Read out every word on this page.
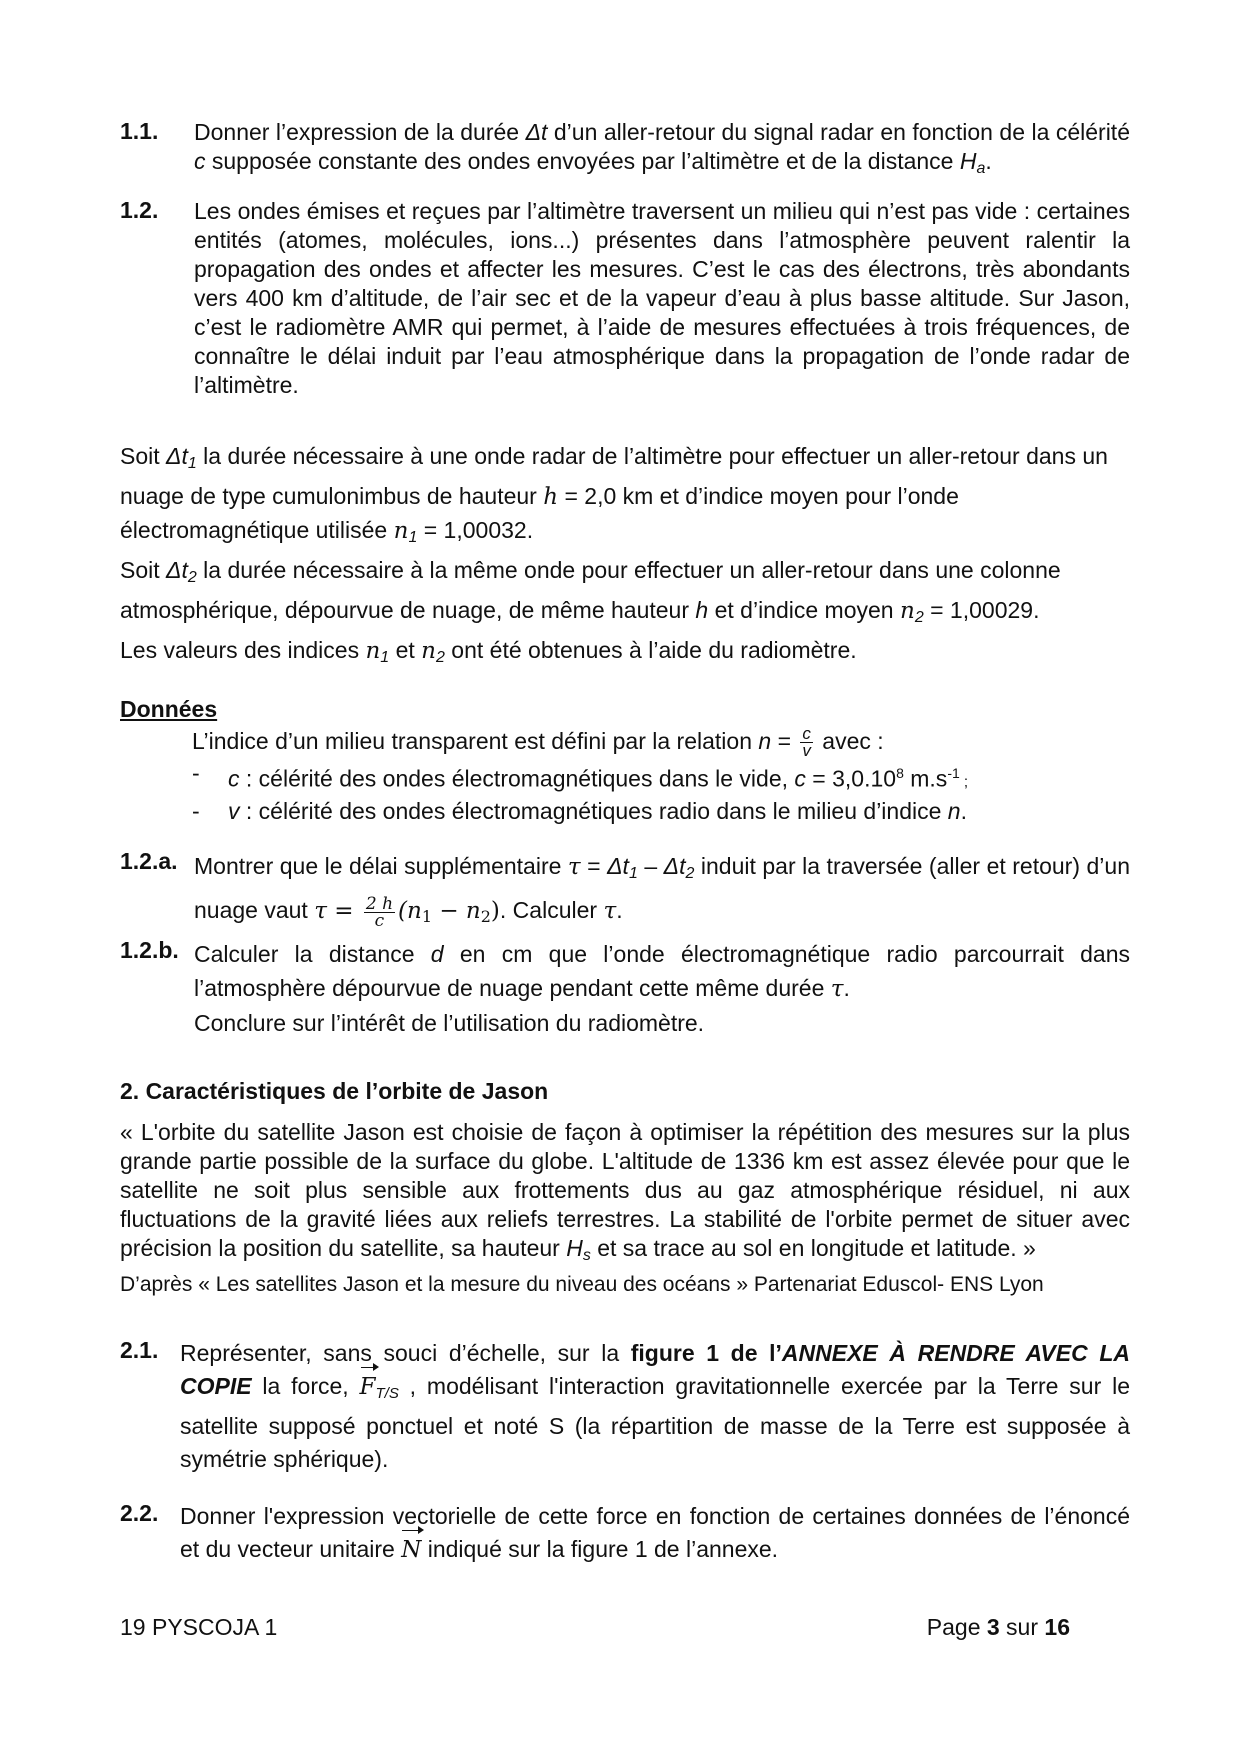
1.1.	Donner l’expression de la durée Δt d’un aller-retour du signal radar en fonction de la célérité c supposée constante des ondes envoyées par l’altimètre et de la distance $H_a$.
1.2.	Les ondes émises et reçues par l’altimètre traversent un milieu qui n’est pas vide : certaines entités (atomes, molécules, ions...) présentes dans l’atmosphère peuvent ralentir la propagation des ondes et affecter les mesures. C’est le cas des électrons, très abondants vers 400 km d’altitude, de l’air sec et de la vapeur d’eau à plus basse altitude. Sur Jason, c’est le radiomètre AMR qui permet, à l’aide de mesures effectuées à trois fréquences, de connaître le délai induit par l’eau atmosphérique dans la propagation de l’onde radar de l’altimètre.

Soit $\Delta t_1$ la durée nécessaire à une onde radar de l’altimètre pour effectuer un aller-retour dans un nuage de type cumulonimbus de hauteur h = 2,0 km et d’indice moyen pour l’onde électromagnétique utilisée $n_1 = 1,00032$.

Soit $\Delta t_2$ la durée nécessaire à la même onde pour effectuer un aller-retour dans une colonne atmosphérique, dépourvue de nuage, de même hauteur h et d’indice moyen $n_2 = 1,00029$.

Les valeurs des indices $n_1$ et $n_2$ ont été obtenues à l’aide du radiomètre.

Données

L’indice d’un milieu transparent est défini par la relation $n = \frac{c}{v}$ avec :

-	c : célérité des ondes électromagnétiques dans le vide, $c = 3,0.10^8$ $m.s^{-1}$ ;
-	v : célérité des ondes électromagnétiques radio dans le milieu d’indice n.
1.2.a. Montrer que le délai supplémentaire $\tau = \Delta t_1 - \Delta t_2$ induit par la traversée (aller et retour) d’un nuage vaut $\tau = \frac{2 h}{c} (n_1 - n_2)$. Calculer τ.
1.2.b. Calculer la distance d en cm que l’onde électromagnétique radio parcourrait dans l’atmosphère dépourvue de nuage pendant cette même durée τ.
Conclure sur l’intérêt de l’utilisation du radiomètre.
2. Caractéristiques de l’orbite de Jason

« L'orbite du satellite Jason est choisie de façon à optimiser la répétition des mesures sur la plus grande partie possible de la surface du globe. L'altitude de 1336 km est assez élevée pour que le satellite ne soit plus sensible aux frottements dus au gaz atmosphérique résiduel, ni aux fluctuations de la gravité liées aux reliefs terrestres. La stabilité de l'orbite permet de situer avec précision la position du satellite, sa hauteur $H_s$ et sa trace au sol en longitude et latitude. »

D’après « Les satellites Jason et la mesure du niveau des océans » Partenariat Eduscol- ENS Lyon

2.1. Représenter, sans souci d’échelle, sur la figure 1 de l’ANNEXE À RENDRE AVEC LA COPIE la force, $F_{T/S}$ , modélisant l'interaction gravitationnelle exercée par la Terre sur le satellite supposé ponctuel et noté S (la répartition de masse de la Terre est supposée à symétrie sphérique).
2.2. Donner l'expression vectorielle de cette force en fonction de certaines données de l’énoncé et du vecteur unitaire N indiqué sur la figure 1 de l’annexe.
19 PYSCOJA 1	Page 3 sur 16
